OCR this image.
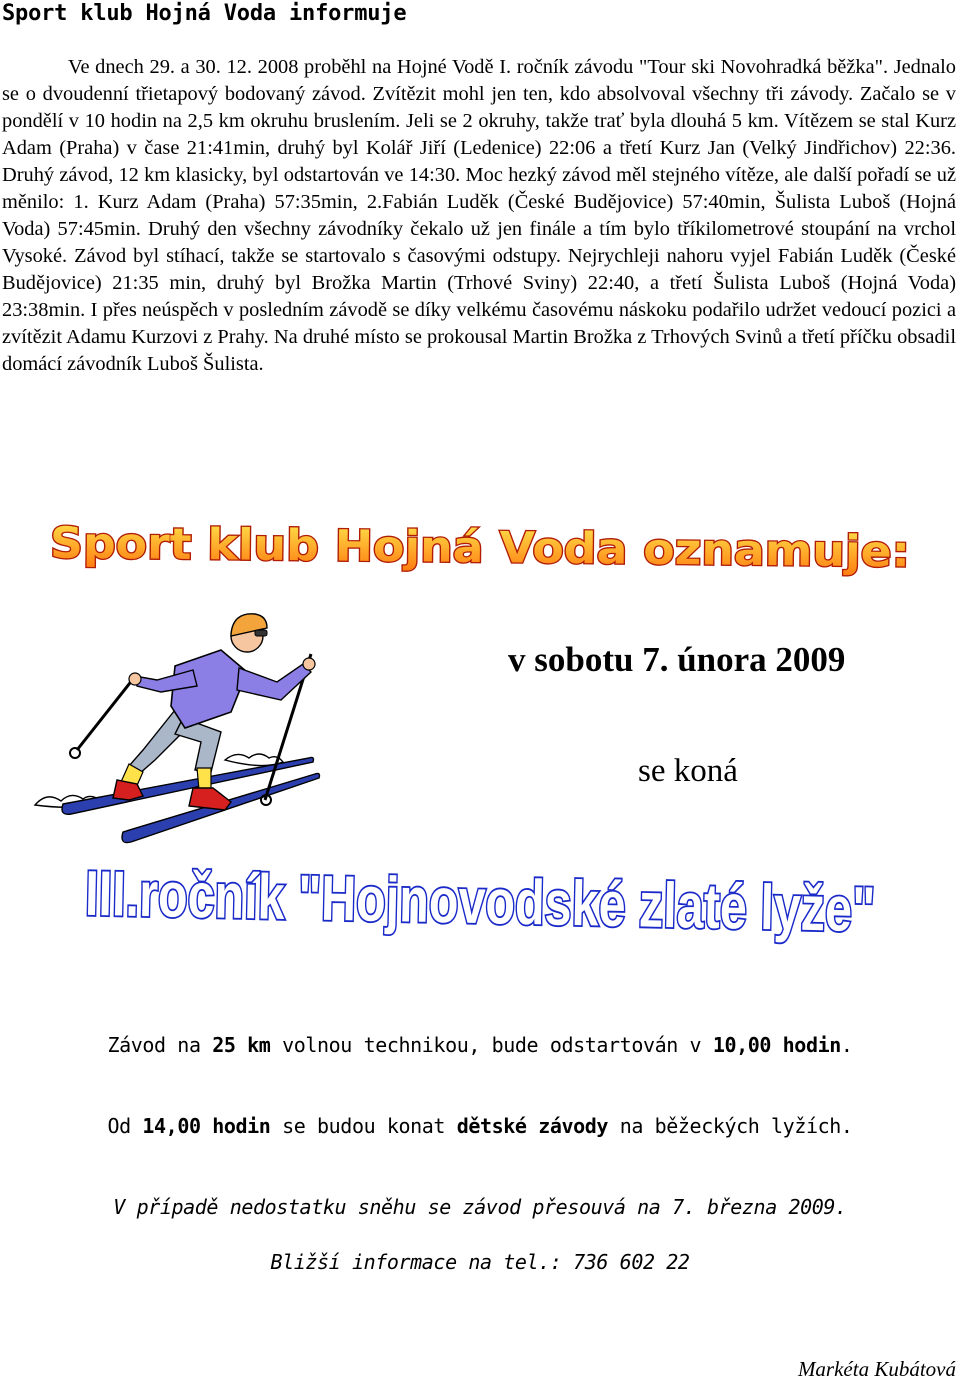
Sport klub Hojná Voda informuje

Ve dnech 29. a 30. 12. 2008 proběhl na Hojné Vodě I. ročník závodu "Tour ski Novohradká běžka". Jednalo se o dvoudenní třietapový bodovaný závod. Zvítězit mohl jen ten, kdo absolvoval všechny tři závody. Začalo se v pondělí v 10 hodin na 2,5 km okruhu bruslením. Jeli se 2 okruhy, takže trať byla dlouhá 5 km. Vítězem se stal Kurz Adam (Praha) v čase 21:41min, druhý byl Kolář Jiří (Ledenice) 22:06 a třetí Kurz Jan (Velký Jindřichov) 22:36. Druhý závod, 12 km klasicky, byl odstartován ve 14:30. Moc hezký závod měl stejného vítěze, ale další pořadí se už měnilo: 1. Kurz Adam (Praha) 57:35min, 2.Fabián Luděk (České Budějovice) 57:40min, Šulista Luboš (Hojná Voda) 57:45min. Druhý den všechny závodníky čekalo už jen finále a tím bylo tříkilometrové stoupání na vrchol Vysoké. Závod byl stíhací, takže se startovalo s časovými odstupy. Nejrychleji nahoru vyjel Fabián Luděk (České Budějovice) 21:35 min, druhý byl Brožka Martin (Trhové Sviny) 22:40, a třetí Šulista Luboš (Hojná Voda) 23:38min. I přes neúspěch v posledním závodě se díky velkému časovému náskoku podařilo udržet vedoucí pozici a zvítězit Adamu Kurzovi z Prahy. Na druhé místo se prokousal Martin Brožka z Trhových Svinů a třetí příčku obsadil domácí závodník Luboš Šulista.

Sport klub Hojná Voda oznamuje:
v sobotu 7. února 2009
se koná
III.ročník "Hojnovodské zlaté lyže"
Závod na 25 km volnou technikou, bude odstartován v 10,00 hodin.
Od 14,00 hodin se budou konat dětské závody na běžeckých lyžích.
V případě nedostatku sněhu se závod přesouvá na 7. března 2009.
Bližší informace na tel.: 736 602 22
Markéta Kubátová
